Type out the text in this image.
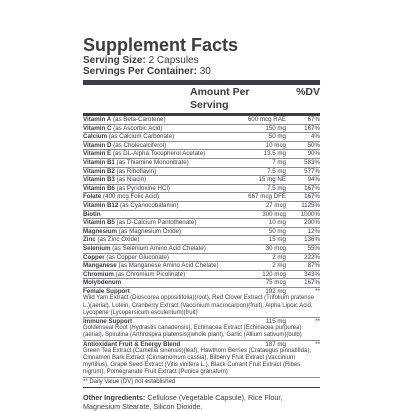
Supplement Facts
Serving Size: 2 Capsules
Servings Per Container: 30
Amount Per Serving
%DV
Vitamin A (as Beta-Carotene)	600 mcg RAE	67%
Vitamin C (as Ascorbic Acid)	150 mg	167%
Calcium (as Calcium Carbonate)	50 mg	4%
Vitamin D (as Cholecalciferol)	10 mcg	50%
Vitamin E (as DL-Alpha Tocopherol Acetate)	13.5 mg	90%
Vitamin B1 (as Thiamine Mononitrate)	7 mg	583%
Vitamin B2 (as Riboflavin)	7.5 mg	577%
Vitamin B3 (as Niacin)	15 mg NE	94%
Vitamin B6 (as Pyridoxine HCl)	7.5 mg	167%
Folate (400 mcg Folic Acid)	667 mcg DFE	167%
Vitamin B12 (as Cyanocobalamin)	27 mcg	1125%
Biotin	300 mcg	1000%
Vitamin B5 (as D-Calcium Pantothenate)	10 mg	200%
Magnesium (as Magnesium Oxide)	50 mg	12%
Zinc (as Zinc Oxide)	15 mg	136%
Selenium (as Selenium Amino Acid Chelate)	30 mcg	55%
Copper (as Copper Gluconate)	2 mg	222%
Manganese (as Manganese Amino Acid Chelate)	2 mg	87%
Chromium (as Chromium Picolinate)	120 mcg	343%
Molybdenum	75 mcg	167%
Female Support	192 mg	**
Wild Yam Extract (Dioscorea oppositifolia)(root), Red Clover Extract (Trifolium pratense L.)(aerial), Lutein, Cranberry Extract (Vaccinium macrocarpon)(fruit), Alpha Lipoic Acid, Lycopene (Lycopersicum esculentum)(fruit)
Immune Support	115 mg	**
Goldenseal Root (Hydrastis canadensis), Echinacea Extract (Echinacea purpurea)(aerial), Spirulina (Arthrospira platensis)(whole plant), Garlic (Allium sativum)(bulb)
Antioxidant Fruit & Energy Blend	187 mg	**
Green Tea Extract (Camellia sinensis)(leaf), Hawthorn Berries (Crataegus pinnatifida), Cinnamon Bark Extract (Cinnamomum cassia), Bilberry Fruit Extract (Vaccinium myrtillus), Grape Seed Extract (Vitis vinifera L.), Black Currant Fruit Extract (Ribes nigrum), Pomegranate Fruit Extract (Punica granatum)
** Daily Value (DV) not established
Other Ingredients: Cellulose (Vegetable Capsule), Rice Flour, Magnesium Stearate, Silicon Dioxide.
